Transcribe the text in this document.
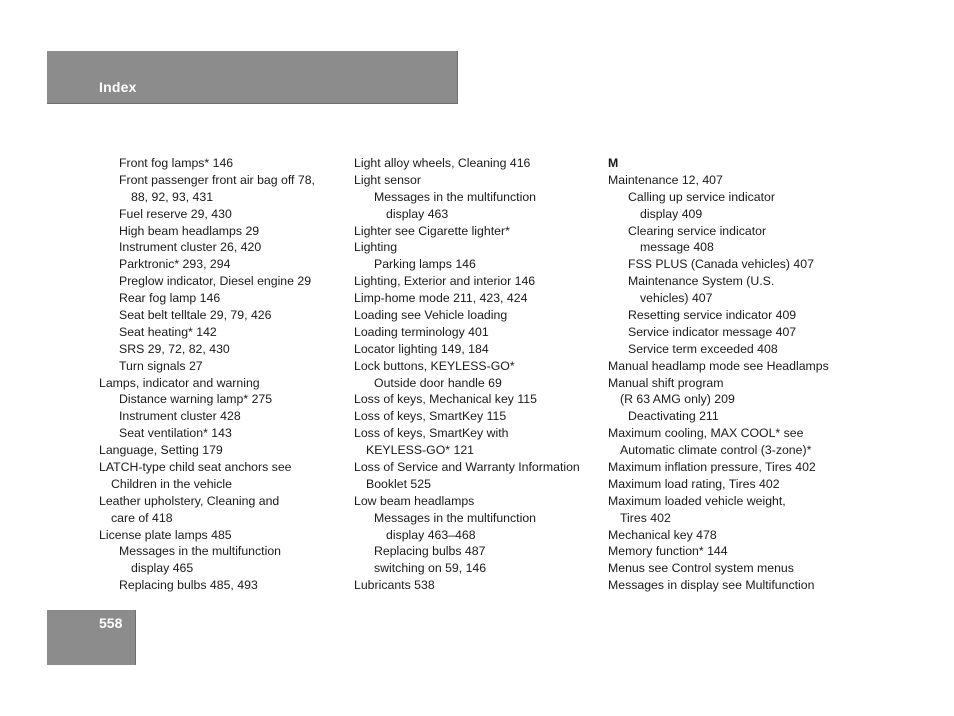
Index
Front fog lamps* 146
Front passenger front air bag off 78,
88, 92, 93, 431
Fuel reserve 29, 430
High beam headlamps 29
Instrument cluster 26, 420
Parktronic* 293, 294
Preglow indicator, Diesel engine 29
Rear fog lamp 146
Seat belt telltale 29, 79, 426
Seat heating* 142
SRS 29, 72, 82, 430
Turn signals 27
Lamps, indicator and warning
Distance warning lamp* 275
Instrument cluster 428
Seat ventilation* 143
Language, Setting 179
LATCH-type child seat anchors see
Children in the vehicle
Leather upholstery, Cleaning and
care of 418
License plate lamps 485
Messages in the multifunction
display 465
Replacing bulbs 485, 493
Light alloy wheels, Cleaning 416
Light sensor
Messages in the multifunction
display 463
Lighter see Cigarette lighter*
Lighting
Parking lamps 146
Lighting, Exterior and interior 146
Limp-home mode 211, 423, 424
Loading see Vehicle loading
Loading terminology 401
Locator lighting 149, 184
Lock buttons, KEYLESS-GO*
Outside door handle 69
Loss of keys, Mechanical key 115
Loss of keys, SmartKey 115
Loss of keys, SmartKey with
KEYLESS-GO* 121
Loss of Service and Warranty Information
Booklet 525
Low beam headlamps
Messages in the multifunction
display 463–468
Replacing bulbs 487
switching on 59, 146
Lubricants 538
M
Maintenance 12, 407
Calling up service indicator
display 409
Clearing service indicator
message 408
FSS PLUS (Canada vehicles) 407
Maintenance System (U.S.
vehicles) 407
Resetting service indicator 409
Service indicator message 407
Service term exceeded 408
Manual headlamp mode see Headlamps
Manual shift program
(R 63 AMG only) 209
Deactivating 211
Maximum cooling, MAX COOL* see
Automatic climate control (3-zone)*
Maximum inflation pressure, Tires 402
Maximum load rating, Tires 402
Maximum loaded vehicle weight,
Tires 402
Mechanical key 478
Memory function* 144
Menus see Control system menus
Messages in display see Multifunction
558
